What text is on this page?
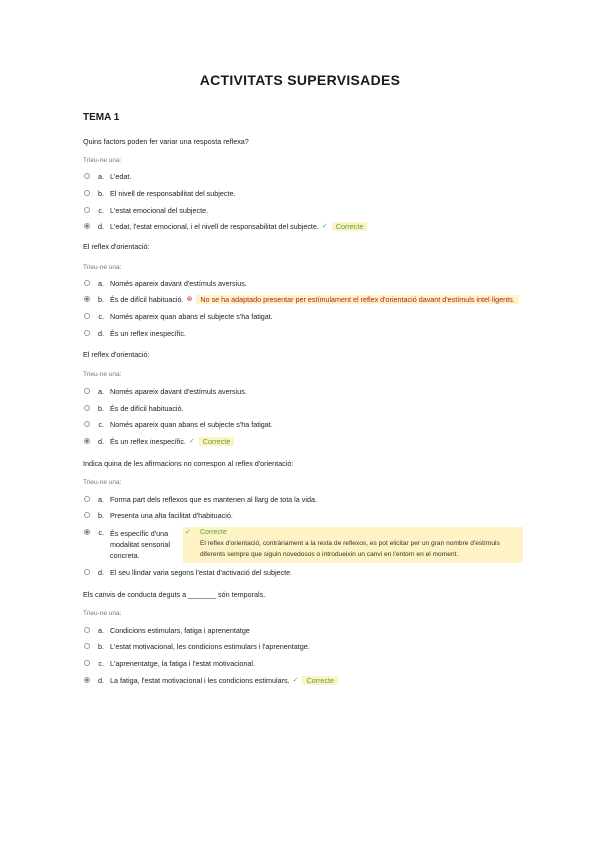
ACTIVITATS SUPERVISADES
TEMA 1
Quins factors poden fer variar una resposta reflexa?
Trieu-ne una:
a. L'edat.
b. El nivell de responsabilitat del subjecte.
c. L'estat emocional del subjecte.
d. L'edat, l'estat emocional, i el nivell de responsabilitat del subjecte. ✓	Correcte
El reflex d'orientació:
Trieu-ne una:
a. Només apareix davant d'estímuls aversius.
b. És de difícil habituació. ⊗	No se ha adaptado presentar per estímulament el reflex d'orientació davant d'estímuls intel·ligents.
c. Només apareix quan abans el subjecte s'ha fatigat.
d. És un reflex inespecífic.
El reflex d'orientació:
Trieu-ne una:
a. Només apareix davant d'estímuls aversius.
b. És de difícil habituació.
c. Només apareix quan abans el subjecte s'ha fatigat.
d. És un reflex inespecífic. ✓	Correcte
Indica quina de les afirmacions no correspon al reflex d'orientació:
Trieu-ne una:
a. Forma part dels reflexos que es mantenen al llarg de tota la vida.
b. Presenta una alta facilitat d'habituació.
c. És específic d'una modalitat sensorial concreta.
✓ Correcte
El reflex d'orientació, contràriament a la resta de reflexos, es pot elicitar per un gran nombre d'estímuls diferents sempre que siguin novedosos o introdueixin un canvi en l'entorn en el moment.
d. El seu llindar varia segons l'estat d'activació del subjecte.
Els canvis de conducta deguts a _______ són temporals.
Trieu-ne una:
a. Condicions estimulars, fatiga i aprenentatge
b. L'estat motivacional, les condicions estimulars i l'aprenentatge.
c. L'aprenentatge, la fatiga i l'estat motivacional.
d. La fatiga, l'estat motivacional i les condicions estimulars. ✓	Correcte
